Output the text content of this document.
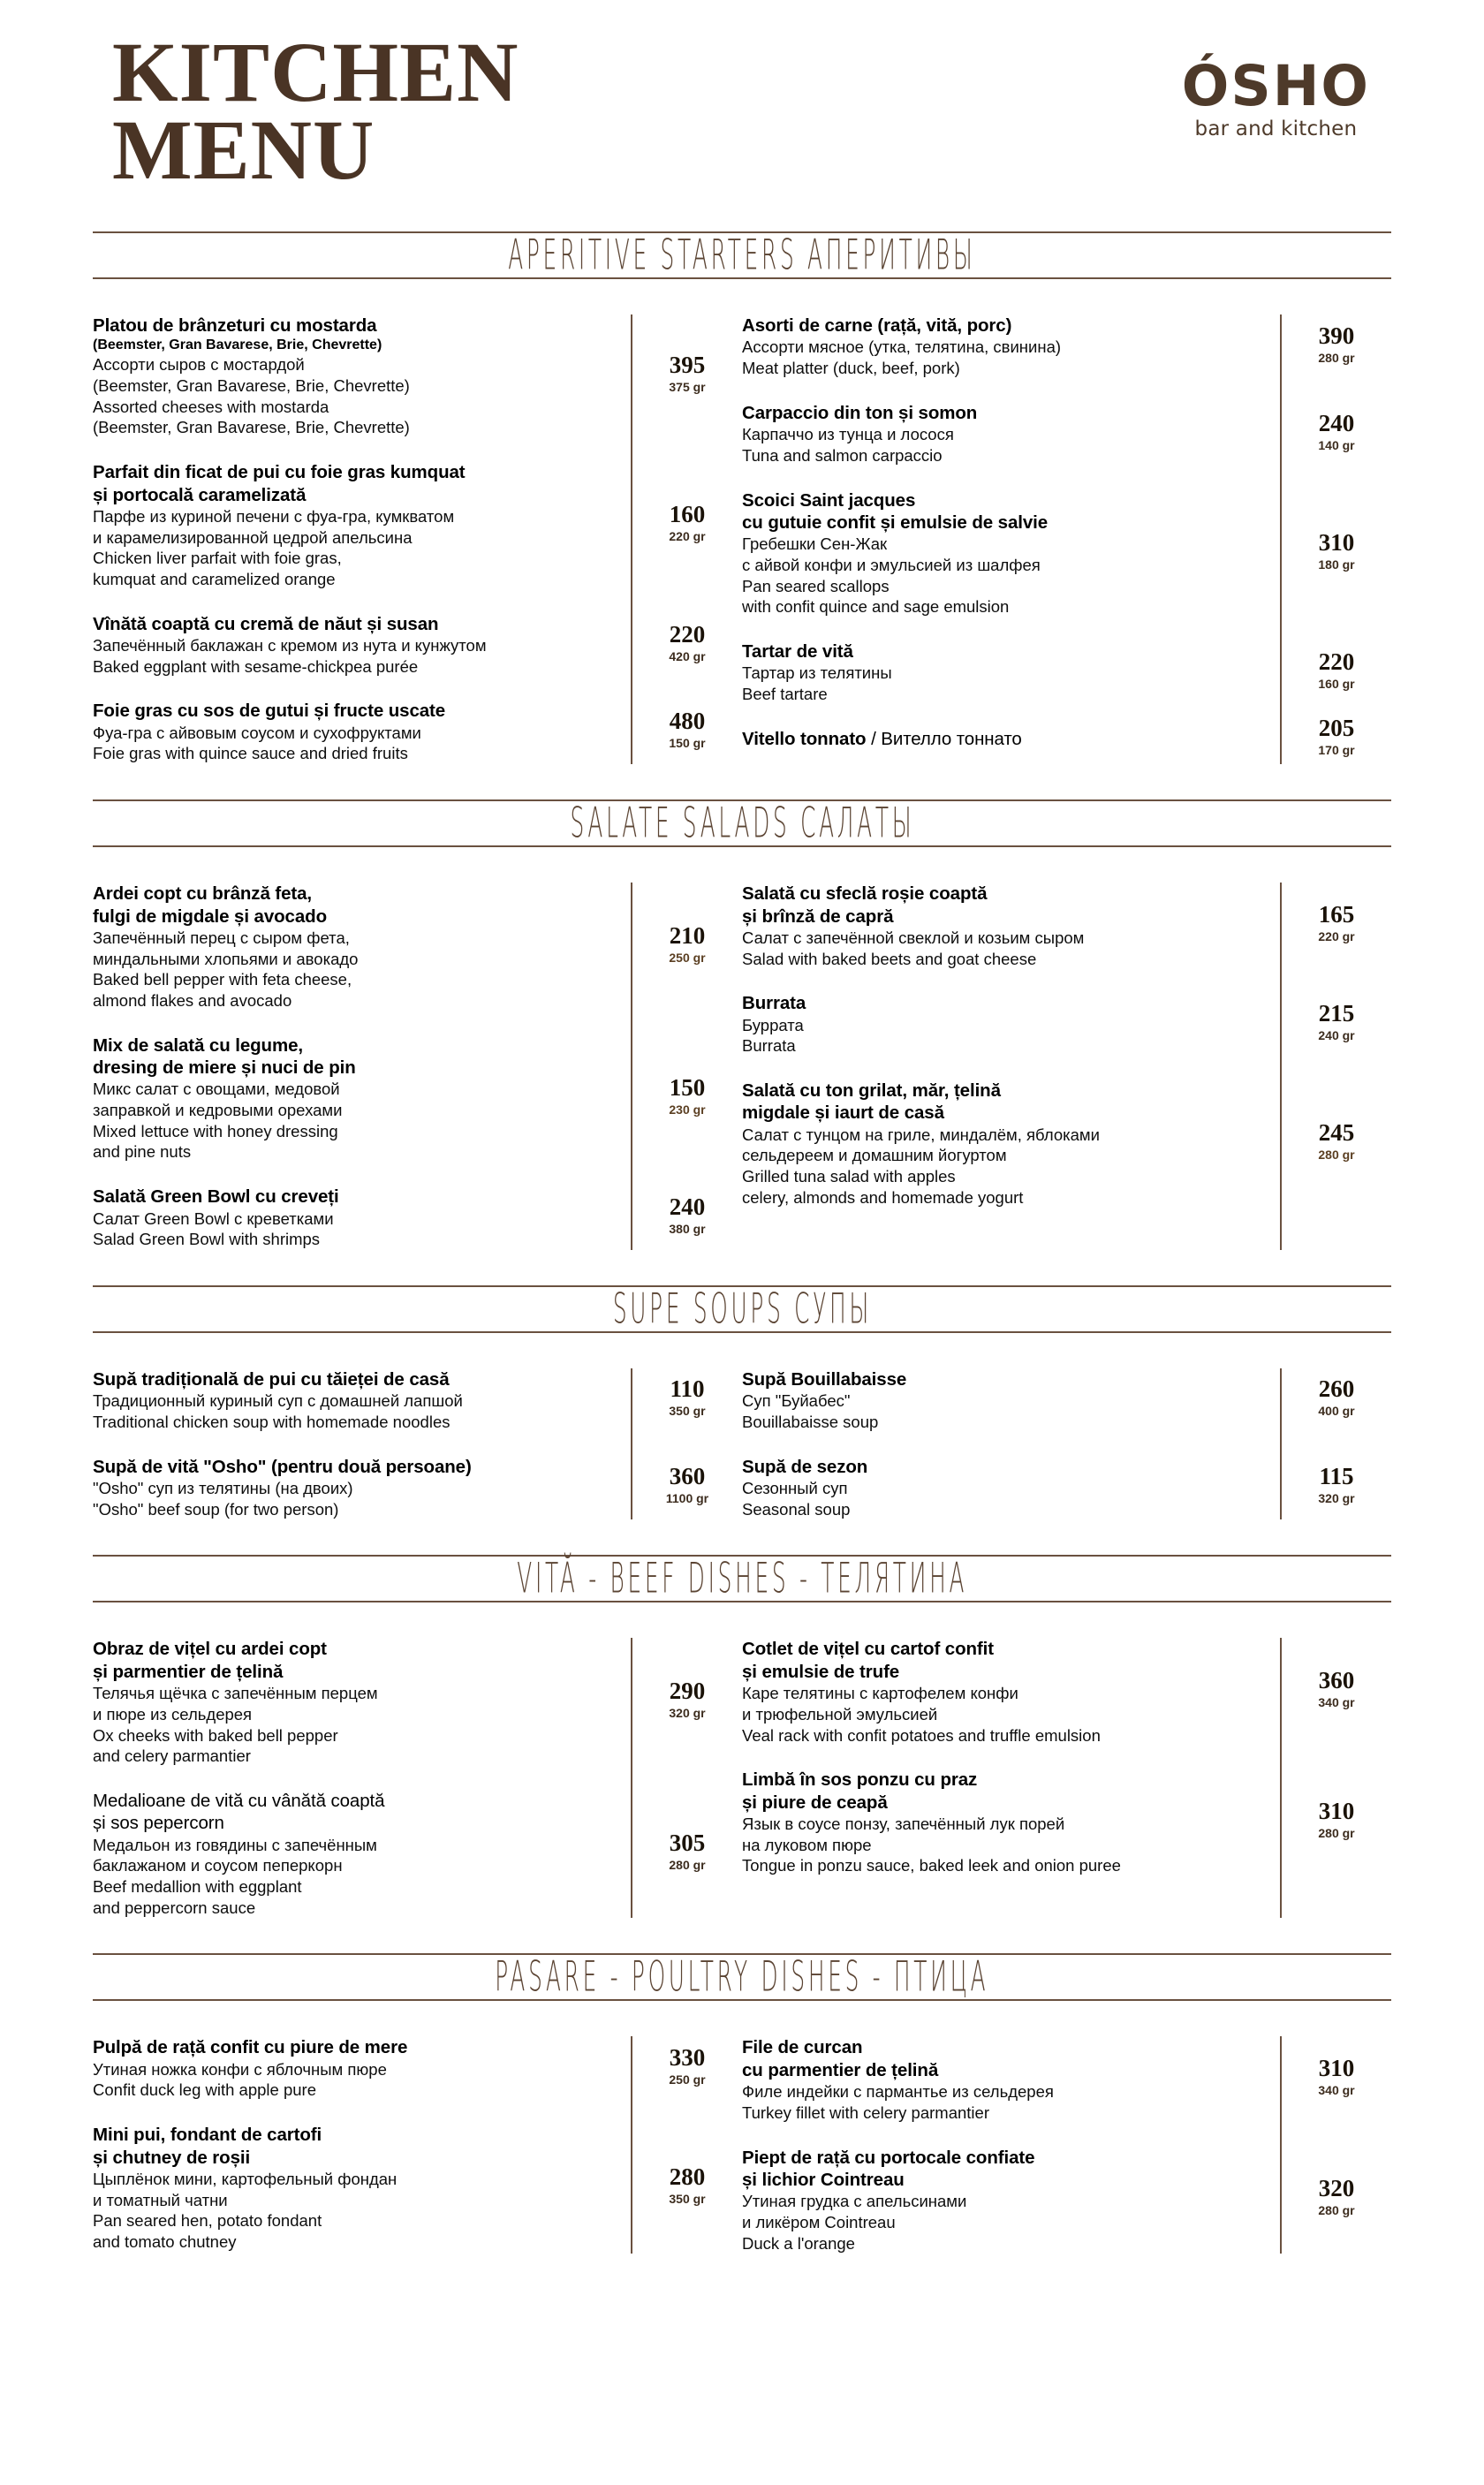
KITCHEN
MENU
ÓSHO
bar and kitchen
APERITIVE STARTERS АПЕРИТИВЫ
Platou de brânzeturi cu mostarda
(Beemster, Gran Bavarese, Brie, Chevrette)
Ассорти сыров с мостардой
(Beemster, Gran Bavarese, Brie, Chevrette)
Assorted cheeses with mostarda
(Beemster, Gran Bavarese, Brie, Chevrette)
Parfait din ficat de pui cu foie gras kumquat
și portocală caramelizată
Парфе из куриной печени с фуа-гра, кумкватом
и карамелизированной цедрой апельсина
Chicken liver parfait with foie gras,
kumquat and caramelized orange
Vînătă coaptă cu cremă de năut și susan
Запечённый баклажан с кремом из нута и кунжутом
Baked eggplant with sesame-chickpea purée
Foie gras cu sos de gutui și fructe uscate
Фуа-гра с айвовым соусом и сухофруктами
Foie gras with quince sauce and dried fruits
395
375 gr
160
220 gr
220
420 gr
480
150 gr
Asorti de carne (rață, vită, porc)
Ассорти мясное (утка, телятина, свинина)
Meat platter (duck, beef, pork)
Carpaccio din ton și somon
Карпаччо из тунца и лосося
Tuna and salmon carpaccio
Scoici Saint jacques
cu gutuie confit și emulsie de salvie
Гребешки Сен-Жак
с айвой конфи и эмульсией из шалфея
Pan seared scallops
with confit quince and sage emulsion
Tartar de vită
Тартар из телятины
Beef tartare
Vitello tonnato / Вителло тоннато
390
280 gr
240
140 gr
310
180 gr
220
160 gr
205
170 gr
SALATE SALADS САЛАТЫ
Ardei copt cu brânză feta,
fulgi de migdale și avocado
Запечённый перец с сыром фета,
миндальными хлопьями и авокадо
Baked bell pepper with feta cheese,
almond flakes and avocado
Mix de salată cu legume,
dresing de miere și nuci de pin
Микс салат с овощами, медовой
заправкой и кедровыми орехами
Mixed lettuce with honey dressing
and pine nuts
Salată Green Bowl cu creveți
Салат Green Bowl с креветками
Salad Green Bowl with shrimps
210
250 gr
150
230 gr
240
380 gr
Salată cu sfeclă roșie coaptă
și brînză de capră
Салат с запечённой свеклой и козьим сыром
Salad with baked beets and goat cheese
Burrata
Буррата
Burrata
Salată cu ton grilat, măr, țelină
migdale și iaurt de casă
Салат с тунцом на гриле, миндалём, яблоками
сельдереем и домашним йогуртом
Grilled tuna salad with apples
celery, almonds and homemade yogurt
165
220 gr
215
240 gr
245
280 gr
SUPE SOUPS СУПЫ
Supă tradițională de pui cu tăieței de casă
Традиционный куриный суп с домашней лапшой
Traditional chicken soup with homemade noodles
Supă de vită "Osho" (pentru două persoane)
"Osho" суп из телятины (на двоих)
"Osho" beef soup (for two person)
110
350 gr
360
1100 gr
Supă Bouillabaisse
Суп "Буйабес"
Bouillabaisse soup
Supă de sezon
Сезонный суп
Seasonal soup
260
400 gr
115
320 gr
VITĂ - BEEF DISHES - ТЕЛЯТИНА
Obraz de vițel cu ardei copt
și parmentier de țelină
Телячья щёчка с запечённым перцем
и пюре из сельдерея
Ox cheeks with baked bell pepper
and celery parmantier
Medalioane de vită cu vânătă coaptă
și sos pepercorn
Медальон из говядины с запечённым
баклажаном и соусом пеперкорн
Beef medallion with eggplant
and peppercorn sauce
290
320 gr
305
280 gr
Cotlet de vițel cu cartof confit
și emulsie de trufe
Каре телятины с картофелем конфи
и трюфельной эмульсией
Veal rack with confit potatoes and truffle emulsion
Limbă în sos ponzu cu praz
și piure de ceapă
Язык в соусе понзу, запечённый лук порей
на луковом пюре
Tongue in ponzu sauce, baked leek and onion puree
360
340 gr
310
280 gr
PASARE - POULTRY DISHES - ПТИЦА
Pulpă de rață confit cu piure de mere
Утиная ножка конфи с яблочным пюре
Confit duck leg with apple pure
Mini pui, fondant de cartofi
și chutney de roșii
Цыплёнок мини, картофельный фондан
и томатный чатни
Pan seared hen, potato fondant
and tomato chutney
330
250 gr
280
350 gr
File de curcan
cu parmentier de țelină
Филе индейки с пармантье из сельдерея
Turkey fillet with celery parmantier
Piept de rață cu portocale confiate
și lichior Cointreau
Утиная грудка с апельсинами
и ликёром Cointreau
Duck a l'orange
310
340 gr
320
280 gr
